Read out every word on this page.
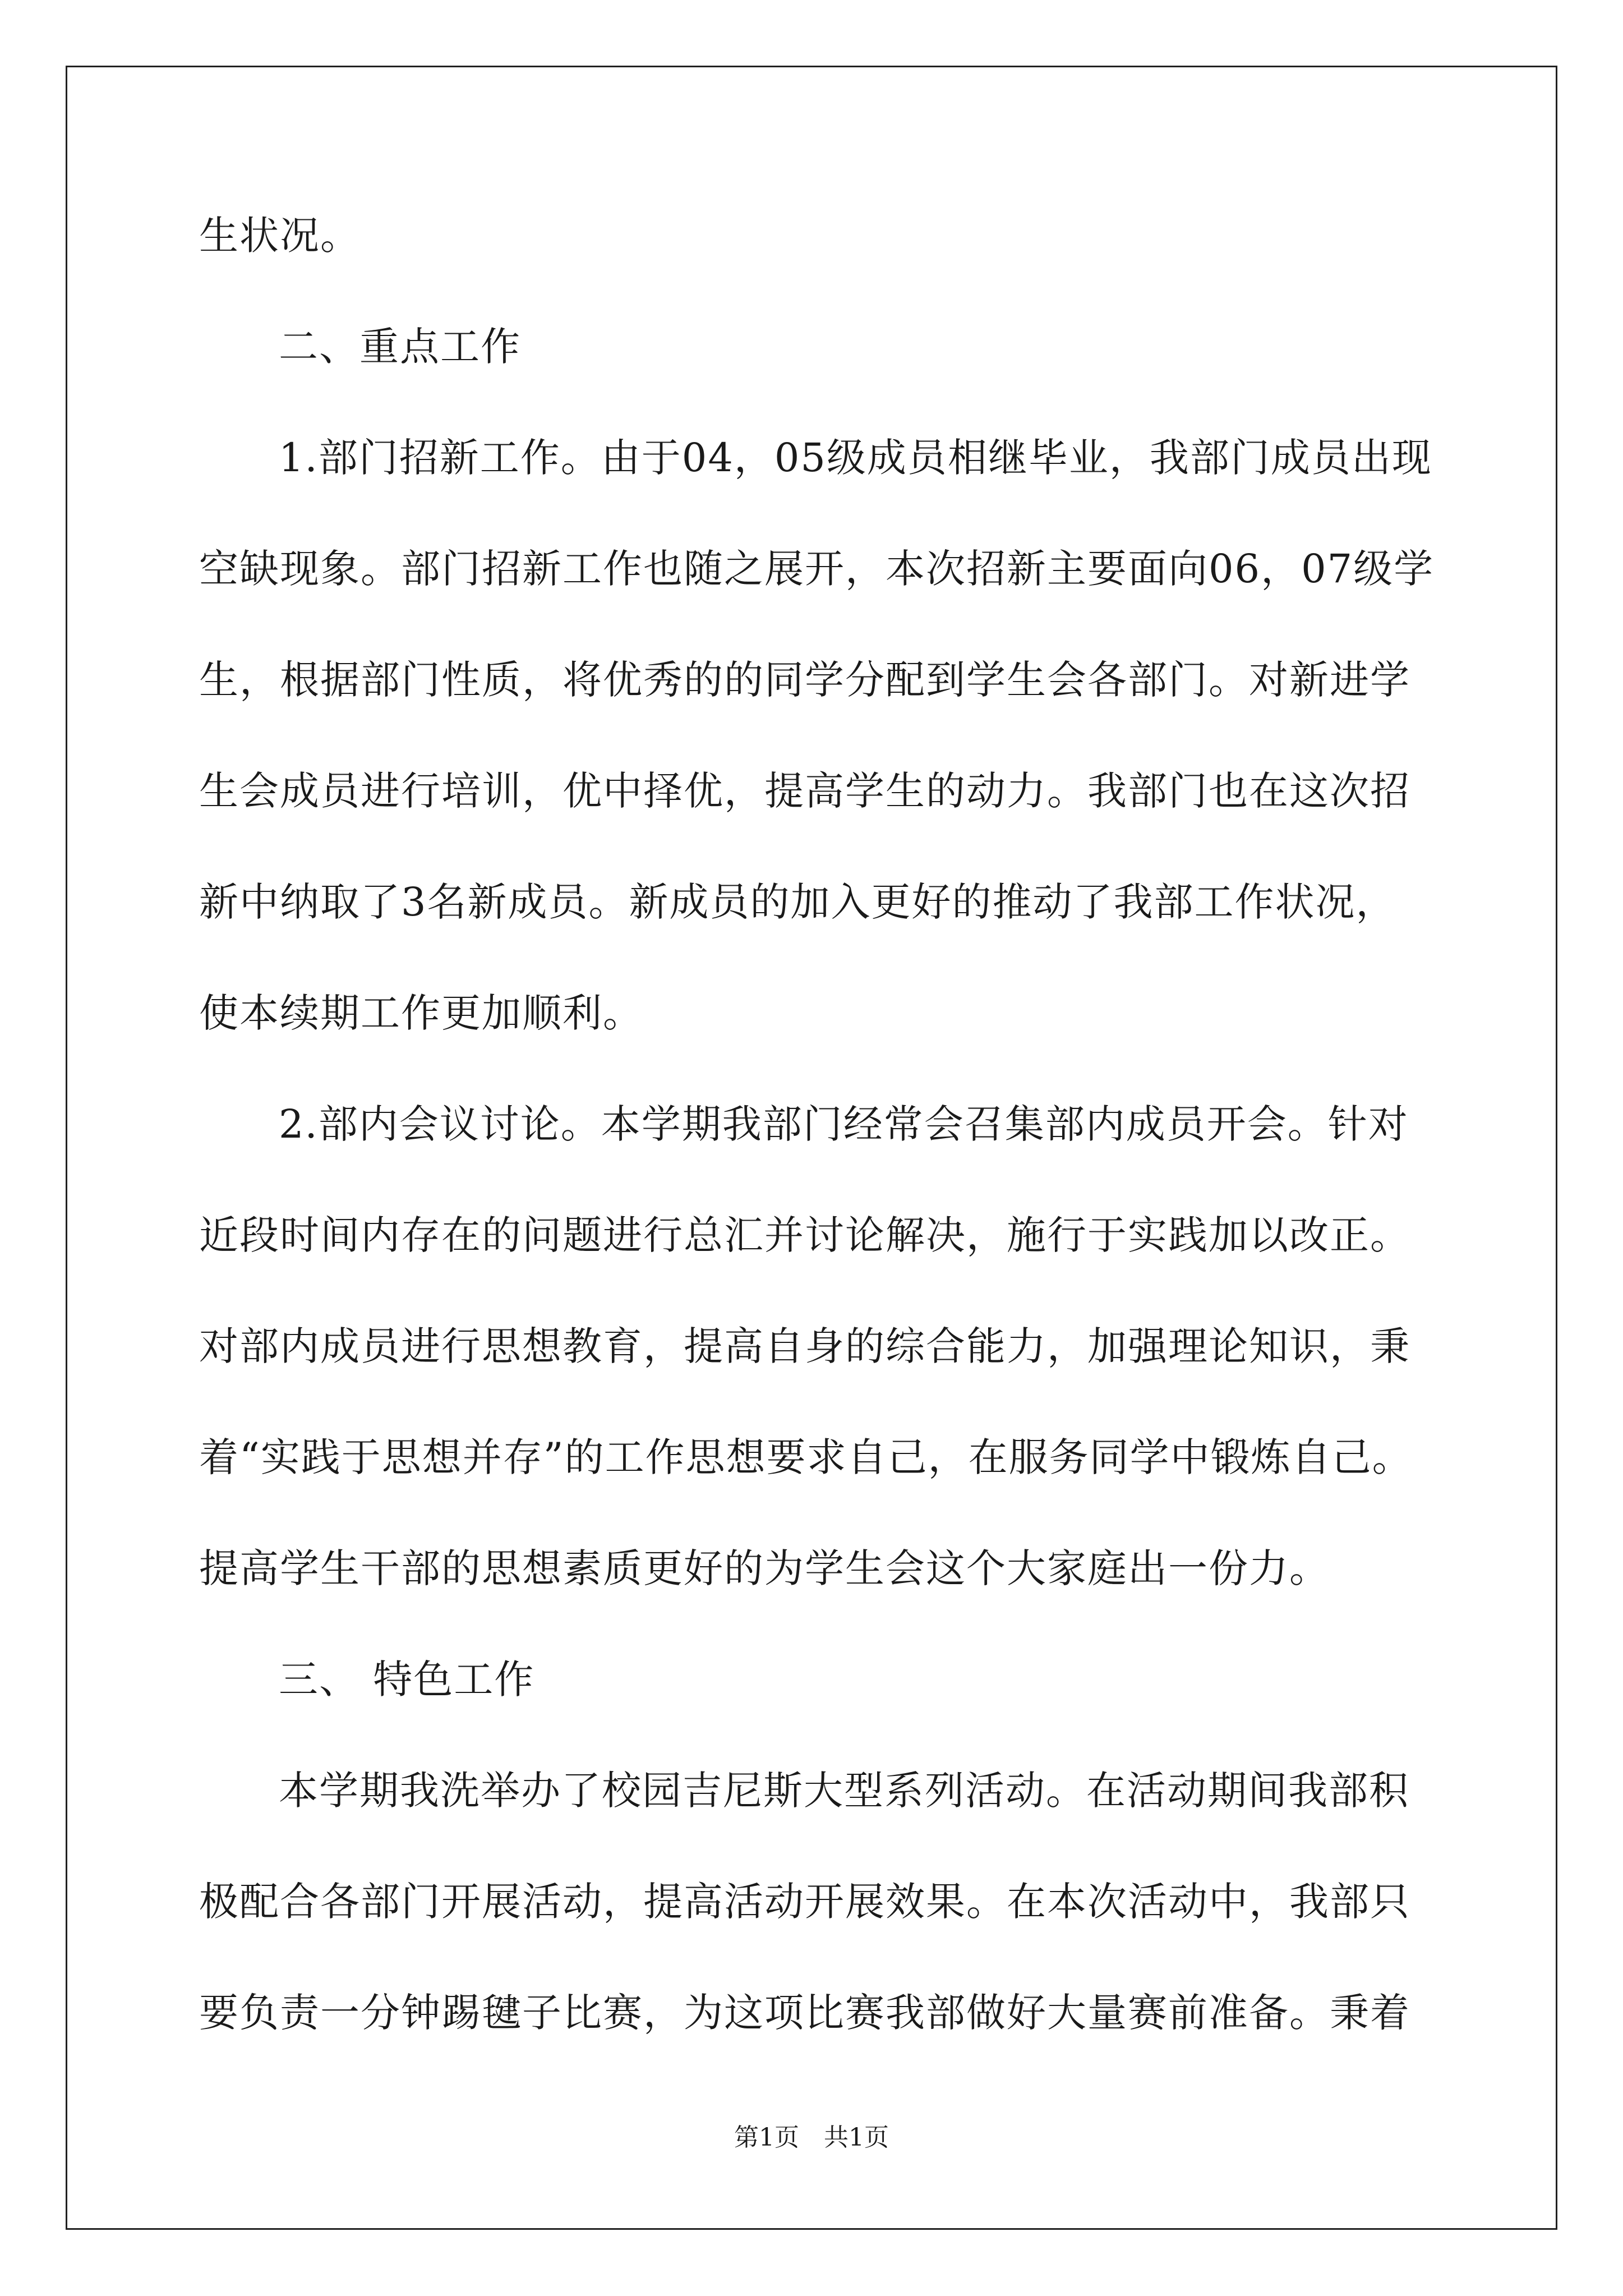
生状况。
二、重点工作
1.部门招新工作。由于04，05级成员相继毕业，我部门成员出现
空缺现象。部门招新工作也随之展开，本次招新主要面向06，07级学
生，根据部门性质，将优秀的的同学分配到学生会各部门。对新进学
生会成员进行培训，优中择优，提高学生的动力。我部门也在这次招
新中纳取了3名新成员。新成员的加入更好的推动了我部工作状况，
使本续期工作更加顺利。
2.部内会议讨论。本学期我部门经常会召集部内成员开会。针对
近段时间内存在的问题进行总汇并讨论解决，施行于实践加以改正。
对部内成员进行思想教育，提高自身的综合能力，加强理论知识，秉
着“实践于思想并存”的工作思想要求自己，在服务同学中锻炼自己。
提高学生干部的思想素质更好的为学生会这个大家庭出一份力。
三、 特色工作
本学期我洗举办了校园吉尼斯大型系列活动。在活动期间我部积
极配合各部门开展活动，提高活动开展效果。在本次活动中，我部只
要负责一分钟踢毽子比赛，为这项比赛我部做好大量赛前准备。秉着
第1页　共1页
